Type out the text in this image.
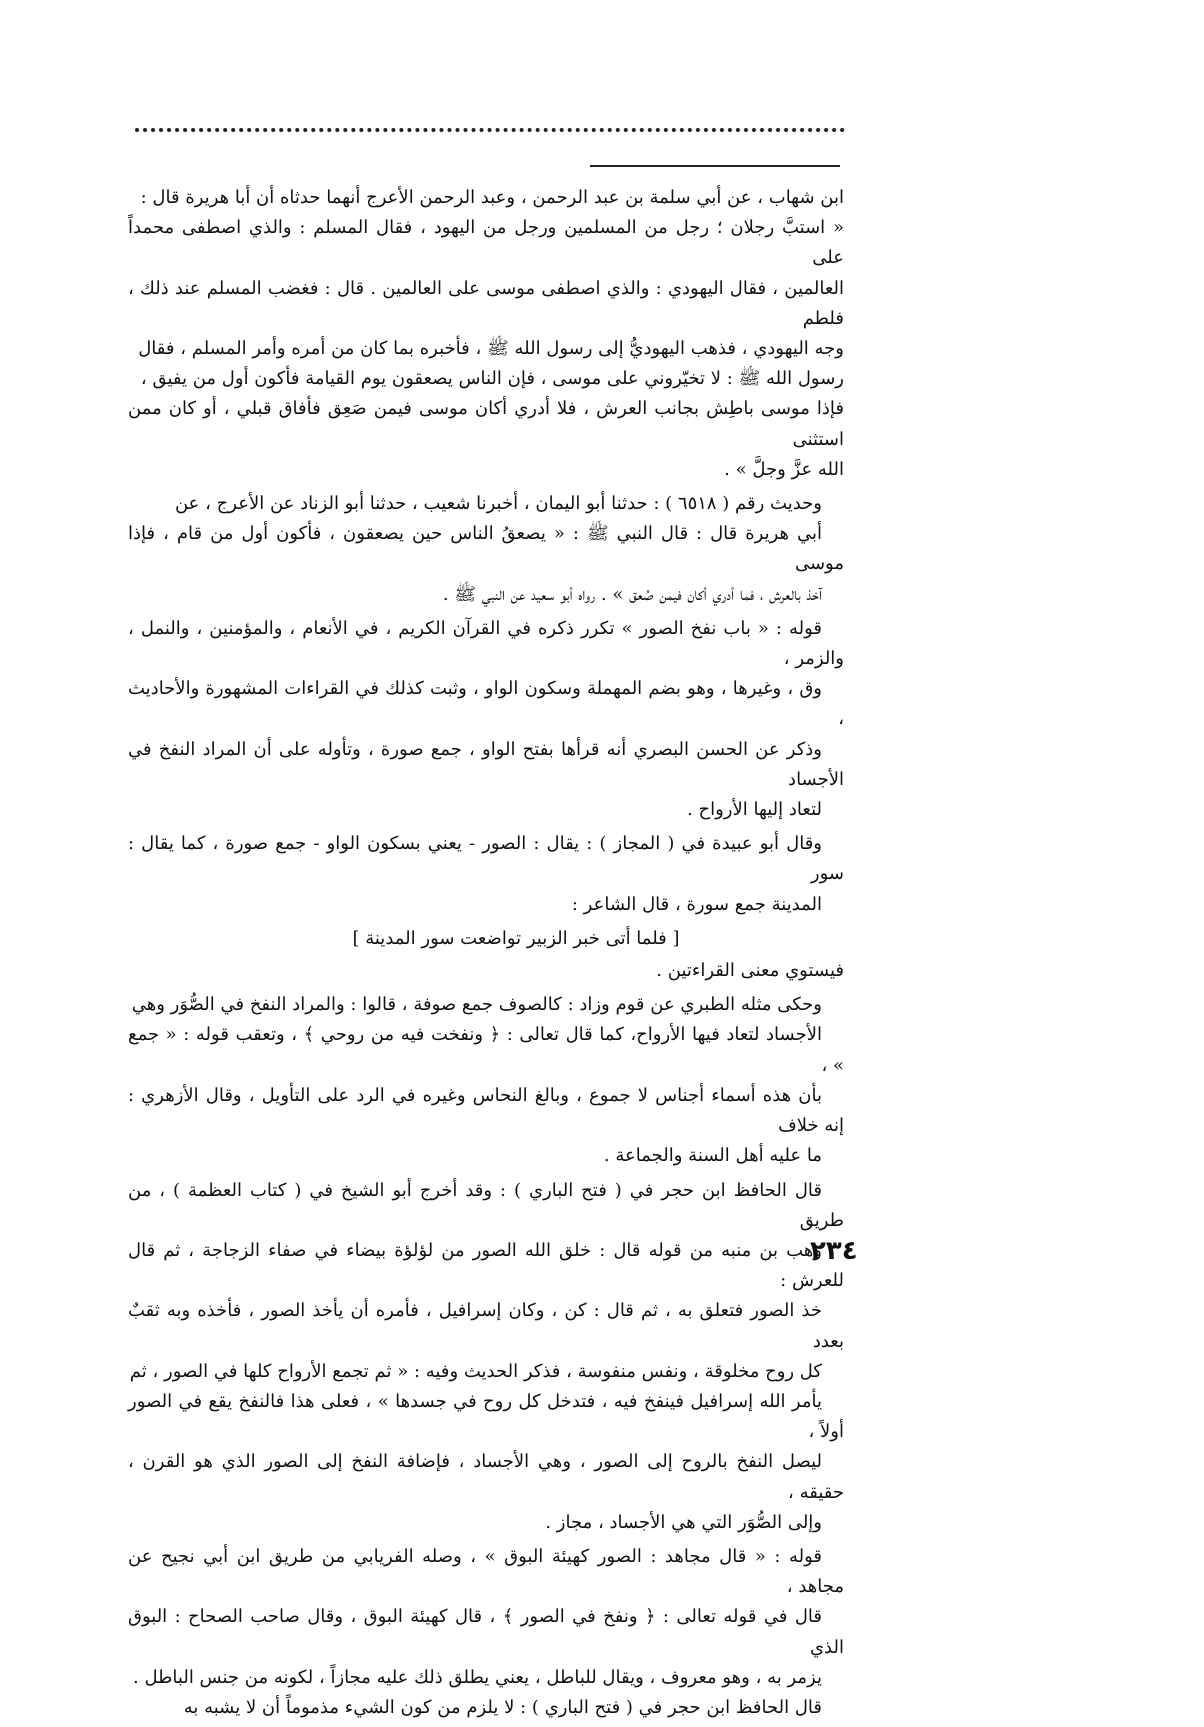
ابن شهاب ، عن أبي سلمة بن عبد الرحمن ، وعبد الرحمن الأعرج أنهما حدثاه أن أبا هريرة قال :
« استبَّ رجلان ؛ رجل من المسلمين ورجل من اليهود ، فقال المسلم : والذي اصطفى محمداً على
العالمين ، فقال اليهودي : والذي اصطفى موسى على العالمين . قال : فغضب المسلم عند ذلك ، فلطم
وجه اليهودي ، فذهب اليهوديُّ إلى رسول الله ﷺ ، فأخبره بما كان من أمره وأمر المسلم ، فقال
رسول الله ﷺ : لا تخيّروني على موسى ، فإن الناس يصعقون يوم القيامة فأكون أول من يفيق ،
فإذا موسى باطِش بجانب العرش ، فلا أدري أكان موسى فيمن صَعِق فأفاق قبلي ، أو كان ممن استثنى
الله عزَّ وجلَّ » .

وحديث رقم ( ٦٥١٨ ) : حدثنا أبو اليمان ، أخبرنا شعيب ، حدثنا أبو الزناد عن الأعرج ، عن
أبي هريرة قال : قال النبي ﷺ : « يصعقُ الناس حين يصعقون ، فأكون أول من قام ، فإذا موسى
آخذ بالعرش ، فما أدري أكان فيمن صُعق » . رواه أبو سعيد عن النبي ﷺ .

قوله : « باب نفخ الصور » تكرر ذكره في القرآن الكريم ، في الأنعام ، والمؤمنين ، والنمل ، والزمر ،
وق ، وغيرها ، وهو بضم المهملة وسكون الواو ، وثبت كذلك في القراءات المشهورة والأحاديث ،
وذكر عن الحسن البصري أنه قرأها بفتح الواو ، جمع صورة ، وتأوله على أن المراد النفخ في الأجساد
لتعاد إليها الأرواح .

وقال أبو عبيدة في ( المجاز ) : يقال : الصور - يعني بسكون الواو - جمع صورة ، كما يقال : سور
المدينة جمع سورة ، قال الشاعر :

[ فلما أتى خبر الزبير تواضعت سور المدينة ]

فيستوي معنى القراءتين .

وحكى مثله الطبري عن قوم وزاد : كالصوف جمع صوفة ، قالوا : والمراد النفخ في الصُّوَر وهي
الأجساد لتعاد فيها الأرواح، كما قال تعالى : ﴿ ونفخت فيه من روحي ﴾ ، وتعقب قوله : « جمع » ،
بأن هذه أسماء أجناس لا جموع ، وبالغ النحاس وغيره في الرد على التأويل ، وقال الأزهري : إنه خلاف
ما عليه أهل السنة والجماعة .

قال الحافظ ابن حجر في ( فتح الباري ) : وقد أخرج أبو الشيخ في ( كتاب العظمة ) ، من طريق
وهب بن منبه من قوله قال : خلق الله الصور من لؤلؤة بيضاء في صفاء الزجاجة ، ثم قال للعرش :
خذ الصور فتعلق به ، ثم قال : كن ، وكان إسرافيل ، فأمره أن يأخذ الصور ، فأخذه وبه ثقبٌ بعدد
كل روح مخلوقة ، ونفس منفوسة ، فذكر الحديث وفيه : « ثم تجمع الأرواح كلها في الصور ، ثم
يأمر الله إسرافيل فينفخ فيه ، فتدخل كل روح في جسدها » ، فعلى هذا فالنفخ يقع في الصور أولاً ،
ليصل النفخ بالروح إلى الصور ، وهي الأجساد ، فإضافة النفخ إلى الصور الذي هو القرن ، حقيقه ،
وإلى الصُّوَر التي هي الأجساد ، مجاز .

قوله : « قال مجاهد : الصور كهيئة البوق » ، وصله الفريابي من طريق ابن أبي نجيح عن مجاهد ،
قال في قوله تعالى : ﴿ ونفخ في الصور ﴾ ، قال كهيئة البوق ، وقال صاحب الصحاح : البوق الذي
يزمر به ، وهو معروف ، ويقال للباطل ، يعني يطلق ذلك عليه مجازاً ، لكونه من جنس الباطل .
قال الحافظ ابن حجر في ( فتح الباري ) : لا يلزم من كون الشيء مذموماً أن لا يشبه به

٢٣٤
